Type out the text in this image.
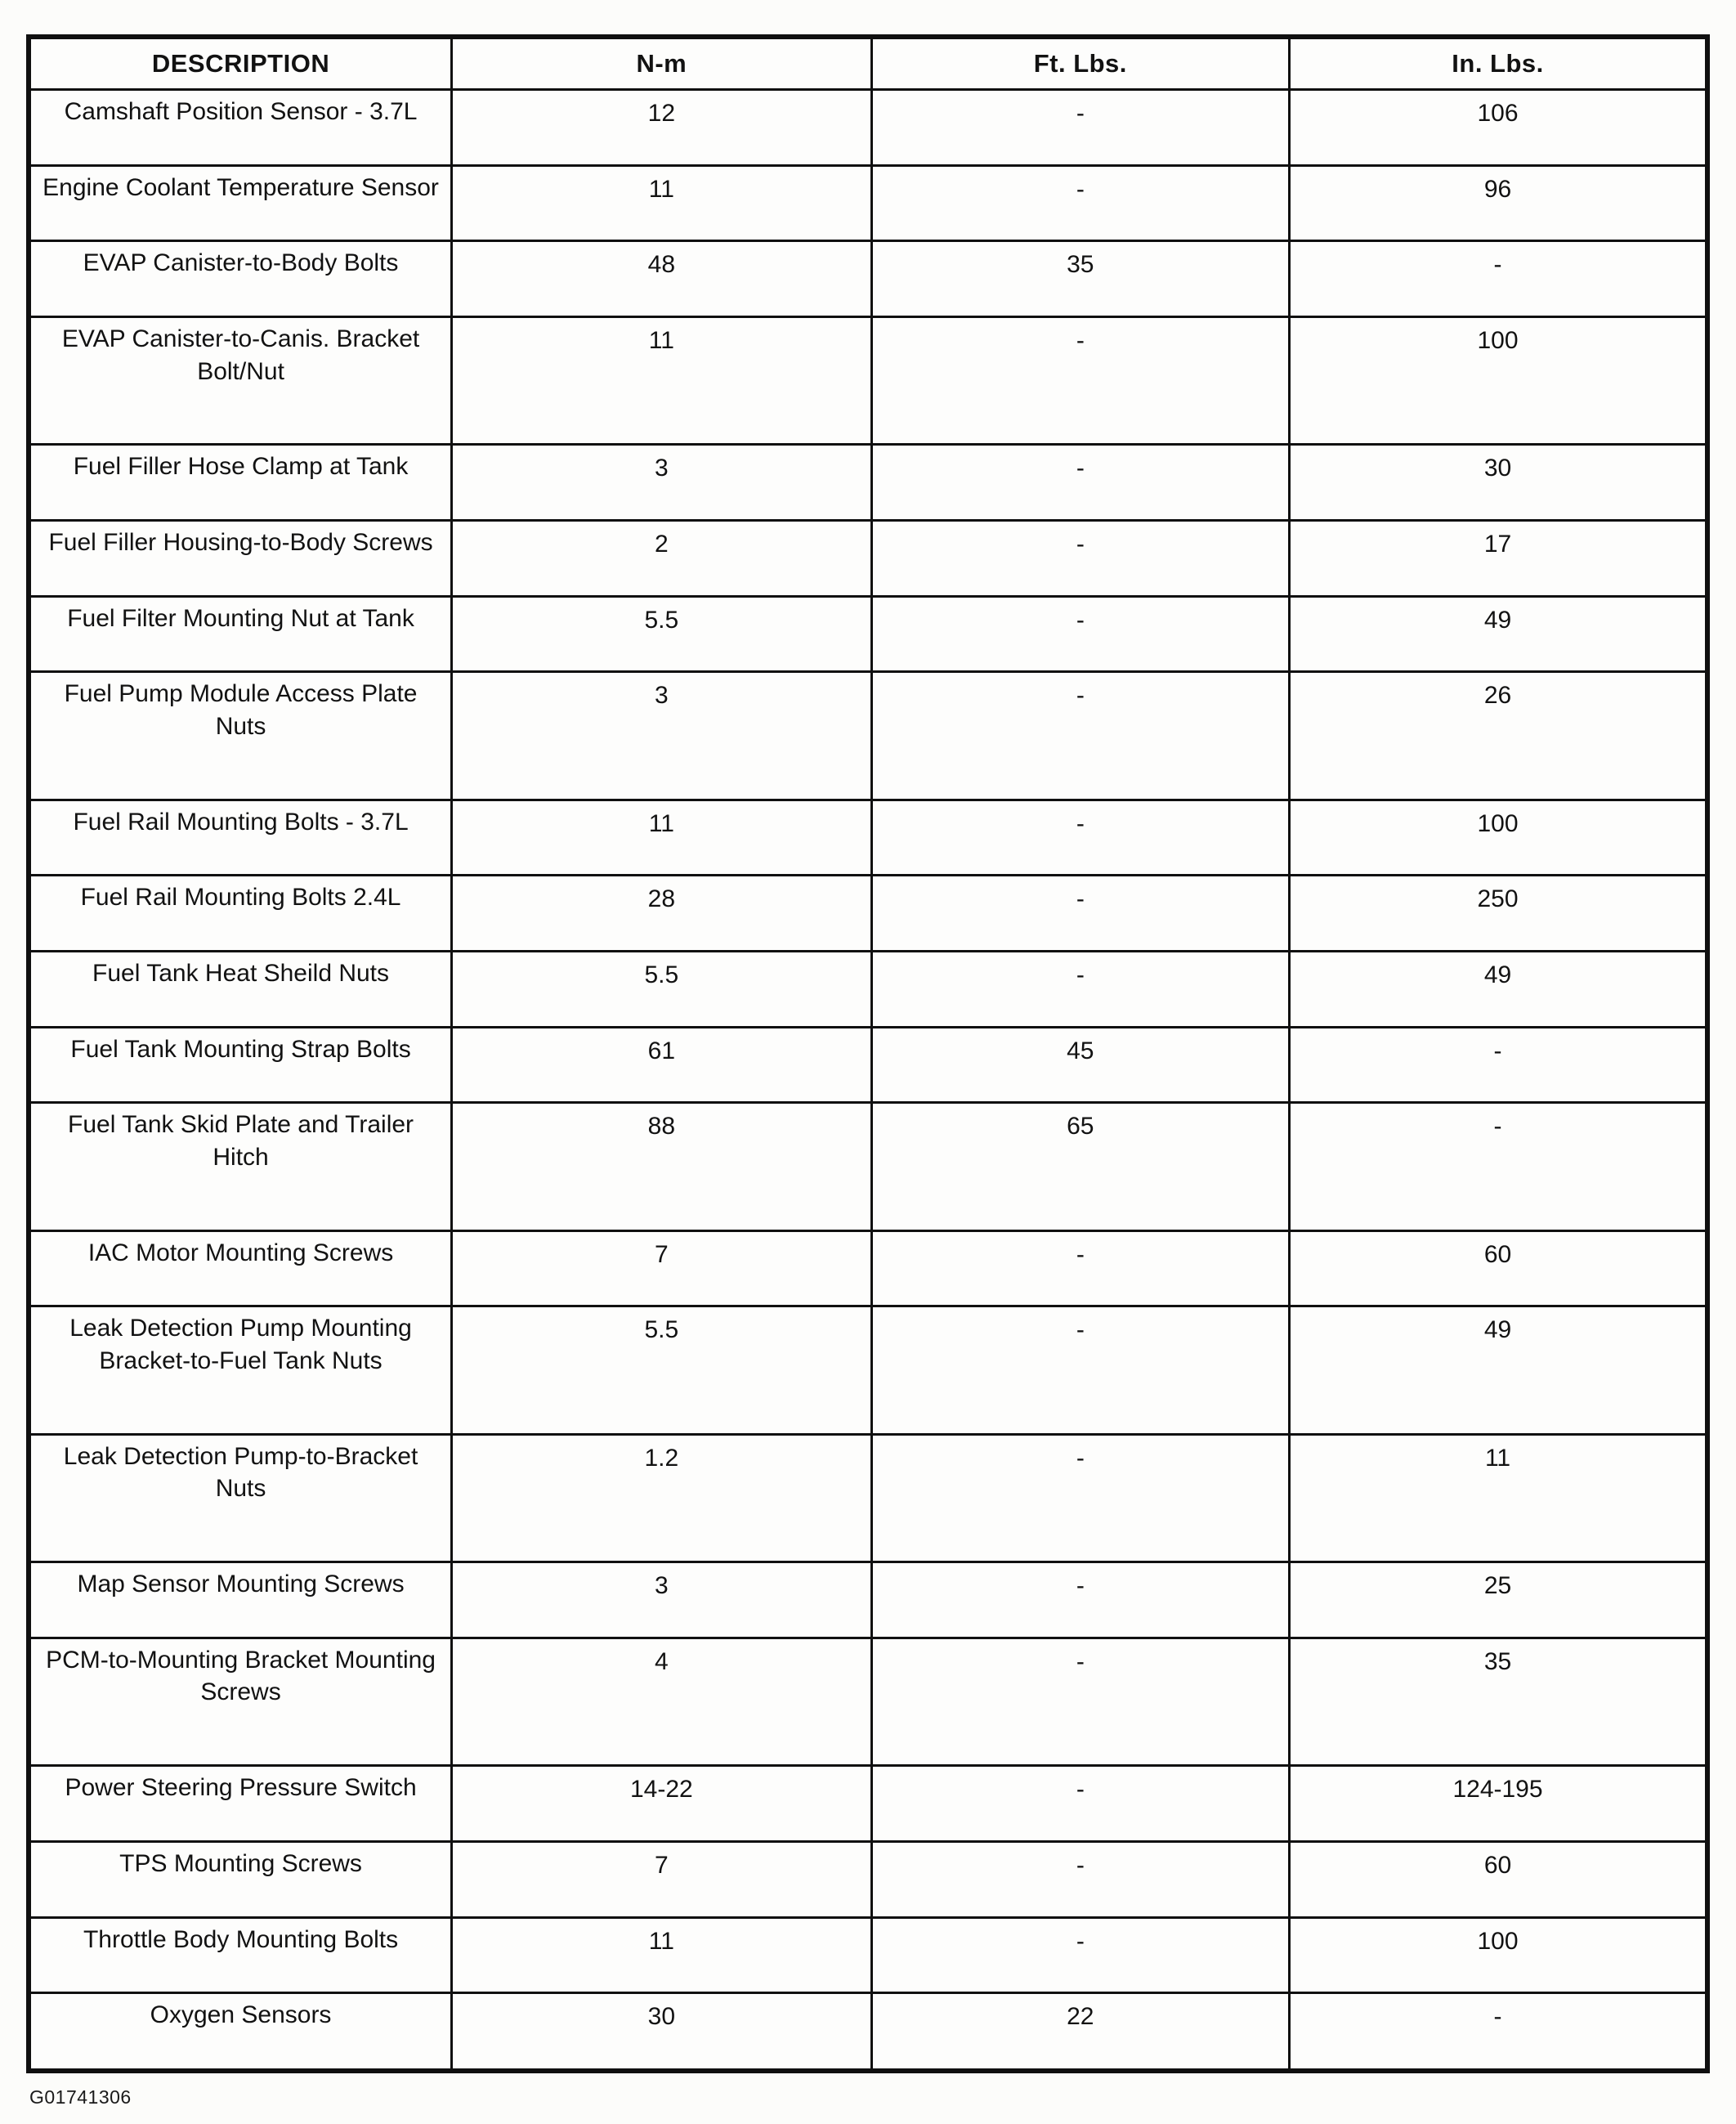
DESCRIPTION	N-m	Ft. Lbs.	In. Lbs.
Camshaft Position Sensor - 3.7L	12	-	106
Engine Coolant Temperature Sensor	11	-	96
EVAP Canister-to-Body Bolts	48	35	-
EVAP Canister-to-Canis. Bracket Bolt/Nut	11	-	100
Fuel Filler Hose Clamp at Tank	3	-	30
Fuel Filler Housing-to-Body Screws	2	-	17
Fuel Filter Mounting Nut at Tank	5.5	-	49
Fuel Pump Module Access Plate Nuts	3	-	26
Fuel Rail Mounting Bolts - 3.7L	11	-	100
Fuel Rail Mounting Bolts 2.4L	28	-	250
Fuel Tank Heat Sheild Nuts	5.5	-	49
Fuel Tank Mounting Strap Bolts	61	45	-
Fuel Tank Skid Plate and Trailer Hitch	88	65	-
IAC Motor Mounting Screws	7	-	60
Leak Detection Pump Mounting Bracket-to-Fuel Tank Nuts	5.5	-	49
Leak Detection Pump-to-Bracket Nuts	1.2	-	11
Map Sensor Mounting Screws	3	-	25
PCM-to-Mounting Bracket Mounting Screws	4	-	35
Power Steering Pressure Switch	14-22	-	124-195
TPS Mounting Screws	7	-	60
Throttle Body Mounting Bolts	11	-	100
Oxygen Sensors	30	22	-
G01741306
